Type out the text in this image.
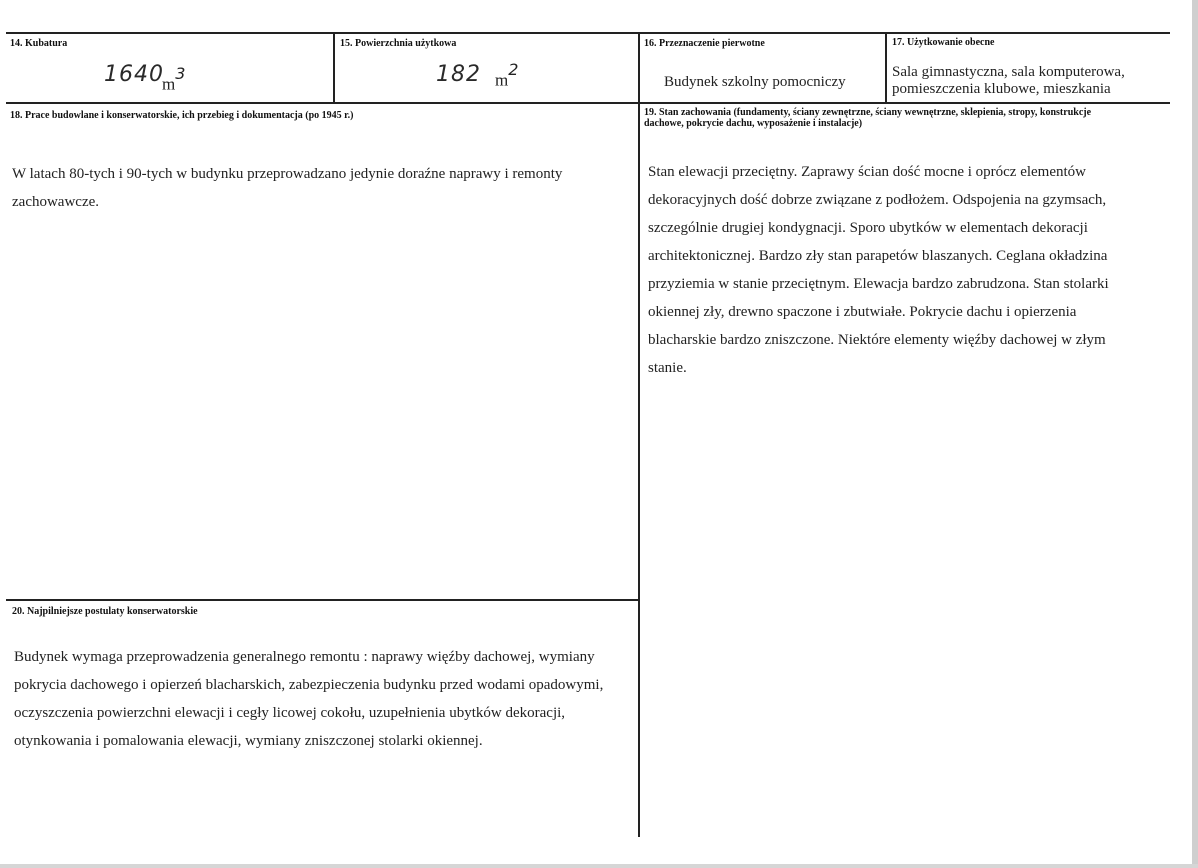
14. Kubatura
1640
$m^3$
15. Powierzchnia użytkowa
182 $m^2$
16. Przeznaczenie pierwotne
Budynek szkolny pomocniczy
17. Użytkowanie obecne
Sala gimnastyczna, sala komputerowa,
pomieszczenia klubowe, mieszkania
18. Prace budowlane i konserwatorskie, ich przebieg i dokumentacja (po 1945 r.)
W latach 80-tych i 90-tych w budynku przeprowadzano jedynie doraźne naprawy i remonty zachowawcze.
19. Stan zachowania (fundamenty, ściany zewnętrzne, ściany wewnętrzne, sklepienia, stropy, konstrukcje
dachowe, pokrycie dachu, wyposażenie i instalacje)
Stan elewacji przeciętny. Zaprawy ścian dość mocne i oprócz elementów dekoracyjnych dość dobrze związane z podłożem. Odspojenia na gzymsach, szczególnie drugiej kondygnacji. Sporo ubytków w elementach dekoracji architektonicznej. Bardzo zły stan parapetów blaszanych. Ceglana okładzina przyziemia w stanie przeciętnym. Elewacja bardzo zabrudzona. Stan stolarki okiennej zły, drewno spaczone i zbutwiałe. Pokrycie dachu i opierzenia blacharskie bardzo zniszczone. Niektóre elementy więźby dachowej w złym stanie.
20. Najpilniejsze postulaty konserwatorskie
Budynek wymaga przeprowadzenia generalnego remontu : naprawy więźby dachowej, wymiany pokrycia dachowego i opierzeń blacharskich, zabezpieczenia budynku przed wodami opadowymi, oczyszczenia powierzchni elewacji i cegły licowej cokołu, uzupełnienia ubytków dekoracji, otynkowania i pomalowania elewacji, wymiany zniszczonej stolarki okiennej.
